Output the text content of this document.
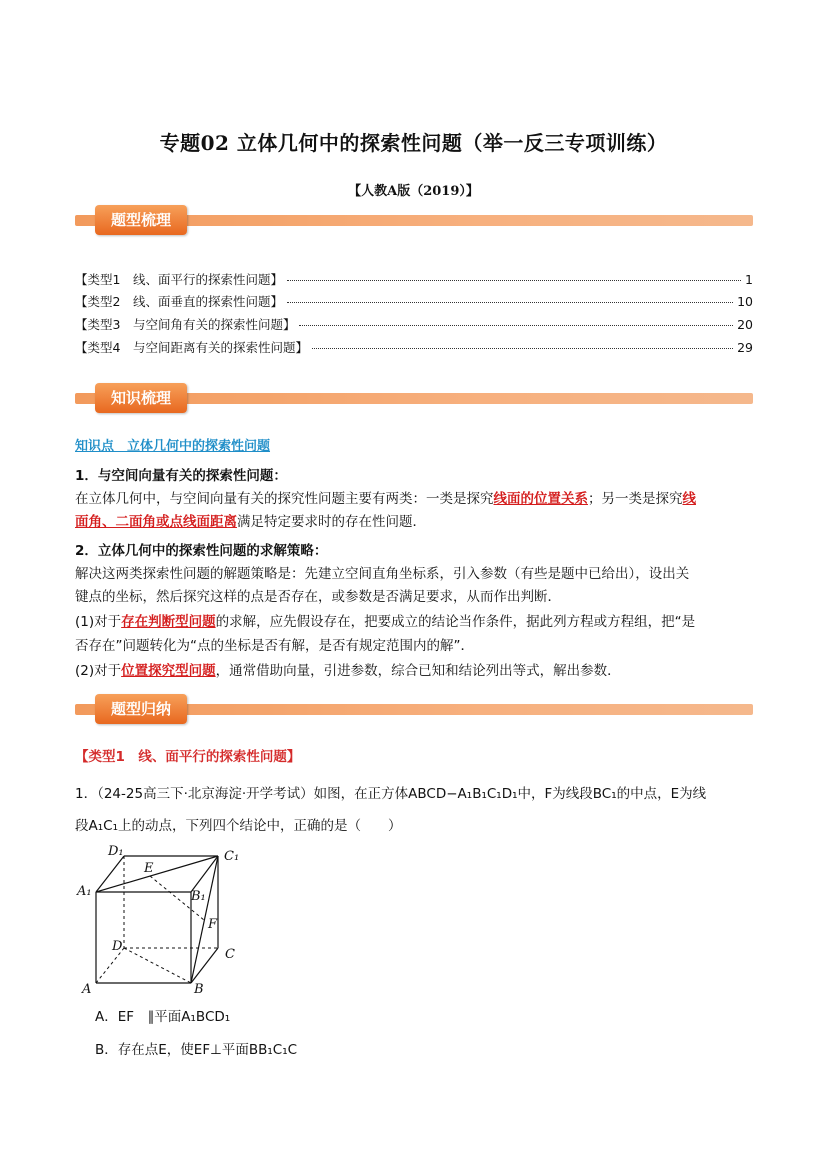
专题02 立体几何中的探索性问题（举一反三专项训练）
【人教A版（2019）】
题型梳理
【类型1　线、面平行的探索性问题】	1
【类型2　线、面垂直的探索性问题】	10
【类型3　与空间角有关的探索性问题】	20
【类型4　与空间距离有关的探索性问题】	29
知识梳理
知识点　立体几何中的探索性问题
1．与空间向量有关的探索性问题：
在立体几何中，与空间向量有关的探究性问题主要有两类：一类是探究线面的位置关系；另一类是探究线
面角、二面角或点线面距离满足特定要求时的存在性问题．
2．立体几何中的探索性问题的求解策略：
解决这两类探索性问题的解题策略是：先建立空间直角坐标系，引入参数（有些是题中已给出），设出关
键点的坐标，然后探究这样的点是否存在，或参数是否满足要求，从而作出判断．
(1)对于存在判断型问题的求解，应先假设存在，把要成立的结论当作条件，据此列方程或方程组，把“是
否存在”问题转化为“点的坐标是否有解，是否有规定范围内的解”．
(2)对于位置探究型问题，通常借助向量，引进参数，综合已知和结论列出等式，解出参数．
题型归纳
【类型1　线、面平行的探索性问题】
1．（24-25高三下·北京海淀·开学考试）如图，在正方体ABCD−A₁B₁C₁D₁中，F为线段BC₁的中点，E为线
段A₁C₁上的动点，下列四个结论中，正确的是（　　）
D₁	C₁
A₁	B₁
E
F
D
C
A	B
A．EF　∥平面A₁BCD₁
B．存在点E，使EF⊥平面BB₁C₁C
